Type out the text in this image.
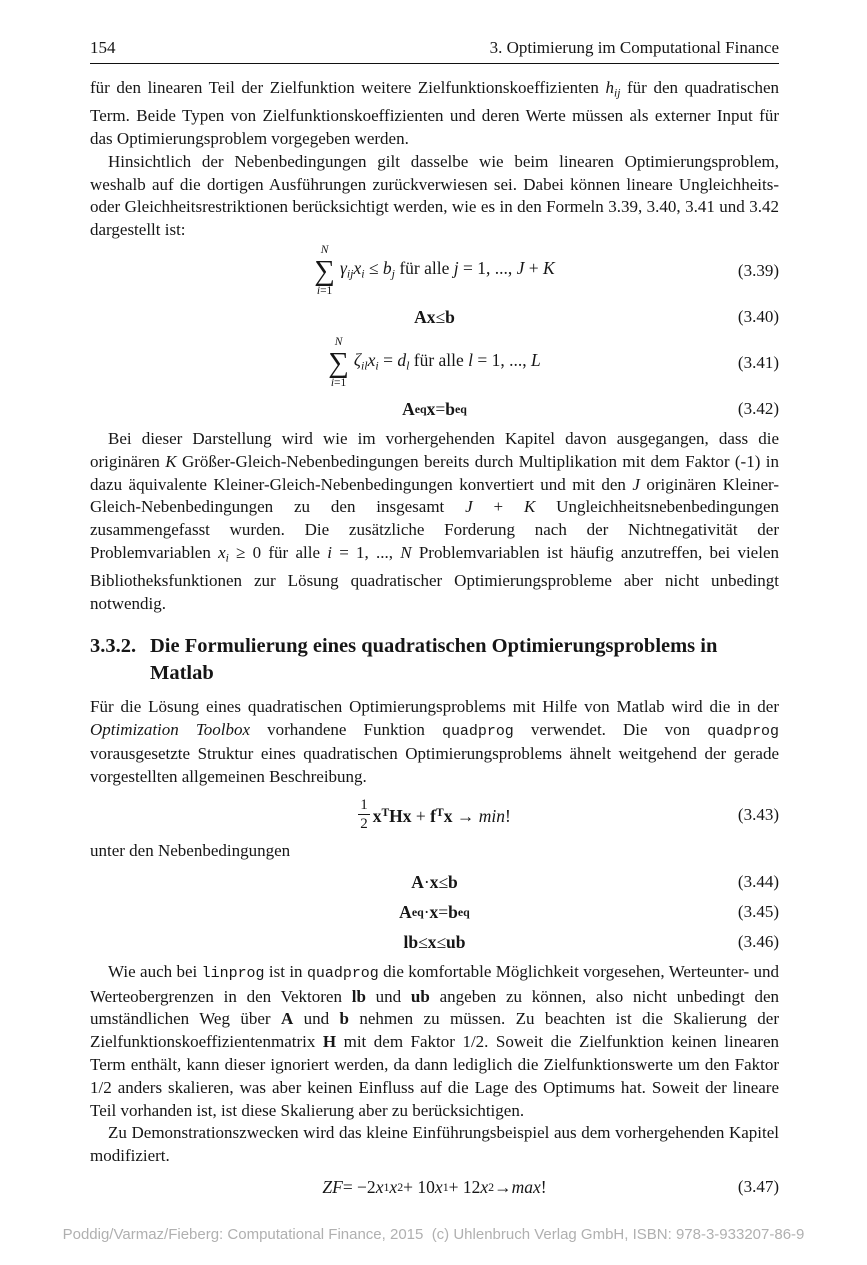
154	3. Optimierung im Computational Finance

für den linearen Teil der Zielfunktion weitere Zielfunktionskoeffizienten $h_{ij}$ für den quadratischen Term. Beide Typen von Zielfunktionskoeffizienten und deren Werte müssen als externer Input für das Optimierungsproblem vorgegeben werden.

Hinsichtlich der Nebenbedingungen gilt dasselbe wie beim linearen Optimierungsproblem, weshalb auf die dortigen Ausführungen zurückverwiesen sei. Dabei können lineare Ungleichheits- oder Gleichheitsrestriktionen berücksichtigt werden, wie es in den Formeln 3.39, 3.40, 3.41 und 3.42 dargestellt ist:

N
∑
i=1
$\gamma_{ij}x_i \le b_j$ für alle j = 1, ..., J + K	(3.39)
Ax ≤ b	(3.40)
N
∑
i=1
$\zeta_{il}x_i = d_l$ für alle l = 1, ..., L	(3.41)
A eq x = b eq	(3.42)

Bei dieser Darstellung wird wie im vorhergehenden Kapitel davon ausgegangen, dass die originären K Größer-Gleich-Nebenbedingungen bereits durch Multiplikation mit dem Faktor (-1) in dazu äquivalente Kleiner-Gleich-Nebenbedingungen konvertiert und mit den J originären Kleiner-Gleich-Nebenbedingungen zu den insgesamt J + K Ungleichheitsnebenbedingungen zusammengefasst wurden. Die zusätzliche Forderung nach der Nichtnegativität der Problemvariablen $x_i \ge 0$ für alle i = 1, ..., N Problemvariablen ist häufig anzutreffen, bei vielen Bibliotheksfunktionen zur Lösung quadratischer Optimierungsprobleme aber nicht unbedingt notwendig.

3.3.2. Die Formulierung eines quadratischen Optimierungsproblems in Matlab

Für die Lösung eines quadratischen Optimierungsproblems mit Hilfe von Matlab wird die in der Optimization Toolbox vorhandene Funktion quadprog verwendet. Die von quadprog vorausgesetzte Struktur eines quadratischen Optimierungsproblems ähnelt weitgehend der gerade vorgestellten allgemeinen Beschreibung.

$\frac{1}{2} x^THx + f^Tx \to \min$!	(3.43)

unter den Nebenbedingungen

A · x ≤ b	(3.44)
A eq · x = b eq	(3.45)
lb ≤ x ≤ ub	(3.46)

Wie auch bei linprog ist in quadprog die komfortable Möglichkeit vorgesehen, Werteunter- und Werteobergrenzen in den Vektoren lb und ub angeben zu können, also nicht unbedingt den umständlichen Weg über A und b nehmen zu müssen. Zu beachten ist die Skalierung der Zielfunktionskoeffizientenmatrix H mit dem Faktor 1/2. Soweit die Zielfunktion keinen linearen Term enthält, kann dieser ignoriert werden, da dann lediglich die Zielfunktionswerte um den Faktor 1/2 anders skalieren, was aber keinen Einfluss auf die Lage des Optimums hat. Soweit der lineare Teil vorhanden ist, ist diese Skalierung aber zu berücksichtigen.

Zu Demonstrationszwecken wird das kleine Einführungsbeispiel aus dem vorhergehenden Kapitel modifiziert.

ZF = −2 x 1 x 2 + 10 x 1 + 12 x 2 → max !	(3.47)
Poddig/Varmaz/Fieberg: Computational Finance, 2015  (c) Uhlenbruch Verlag GmbH, ISBN: 978-3-933207-86-9
